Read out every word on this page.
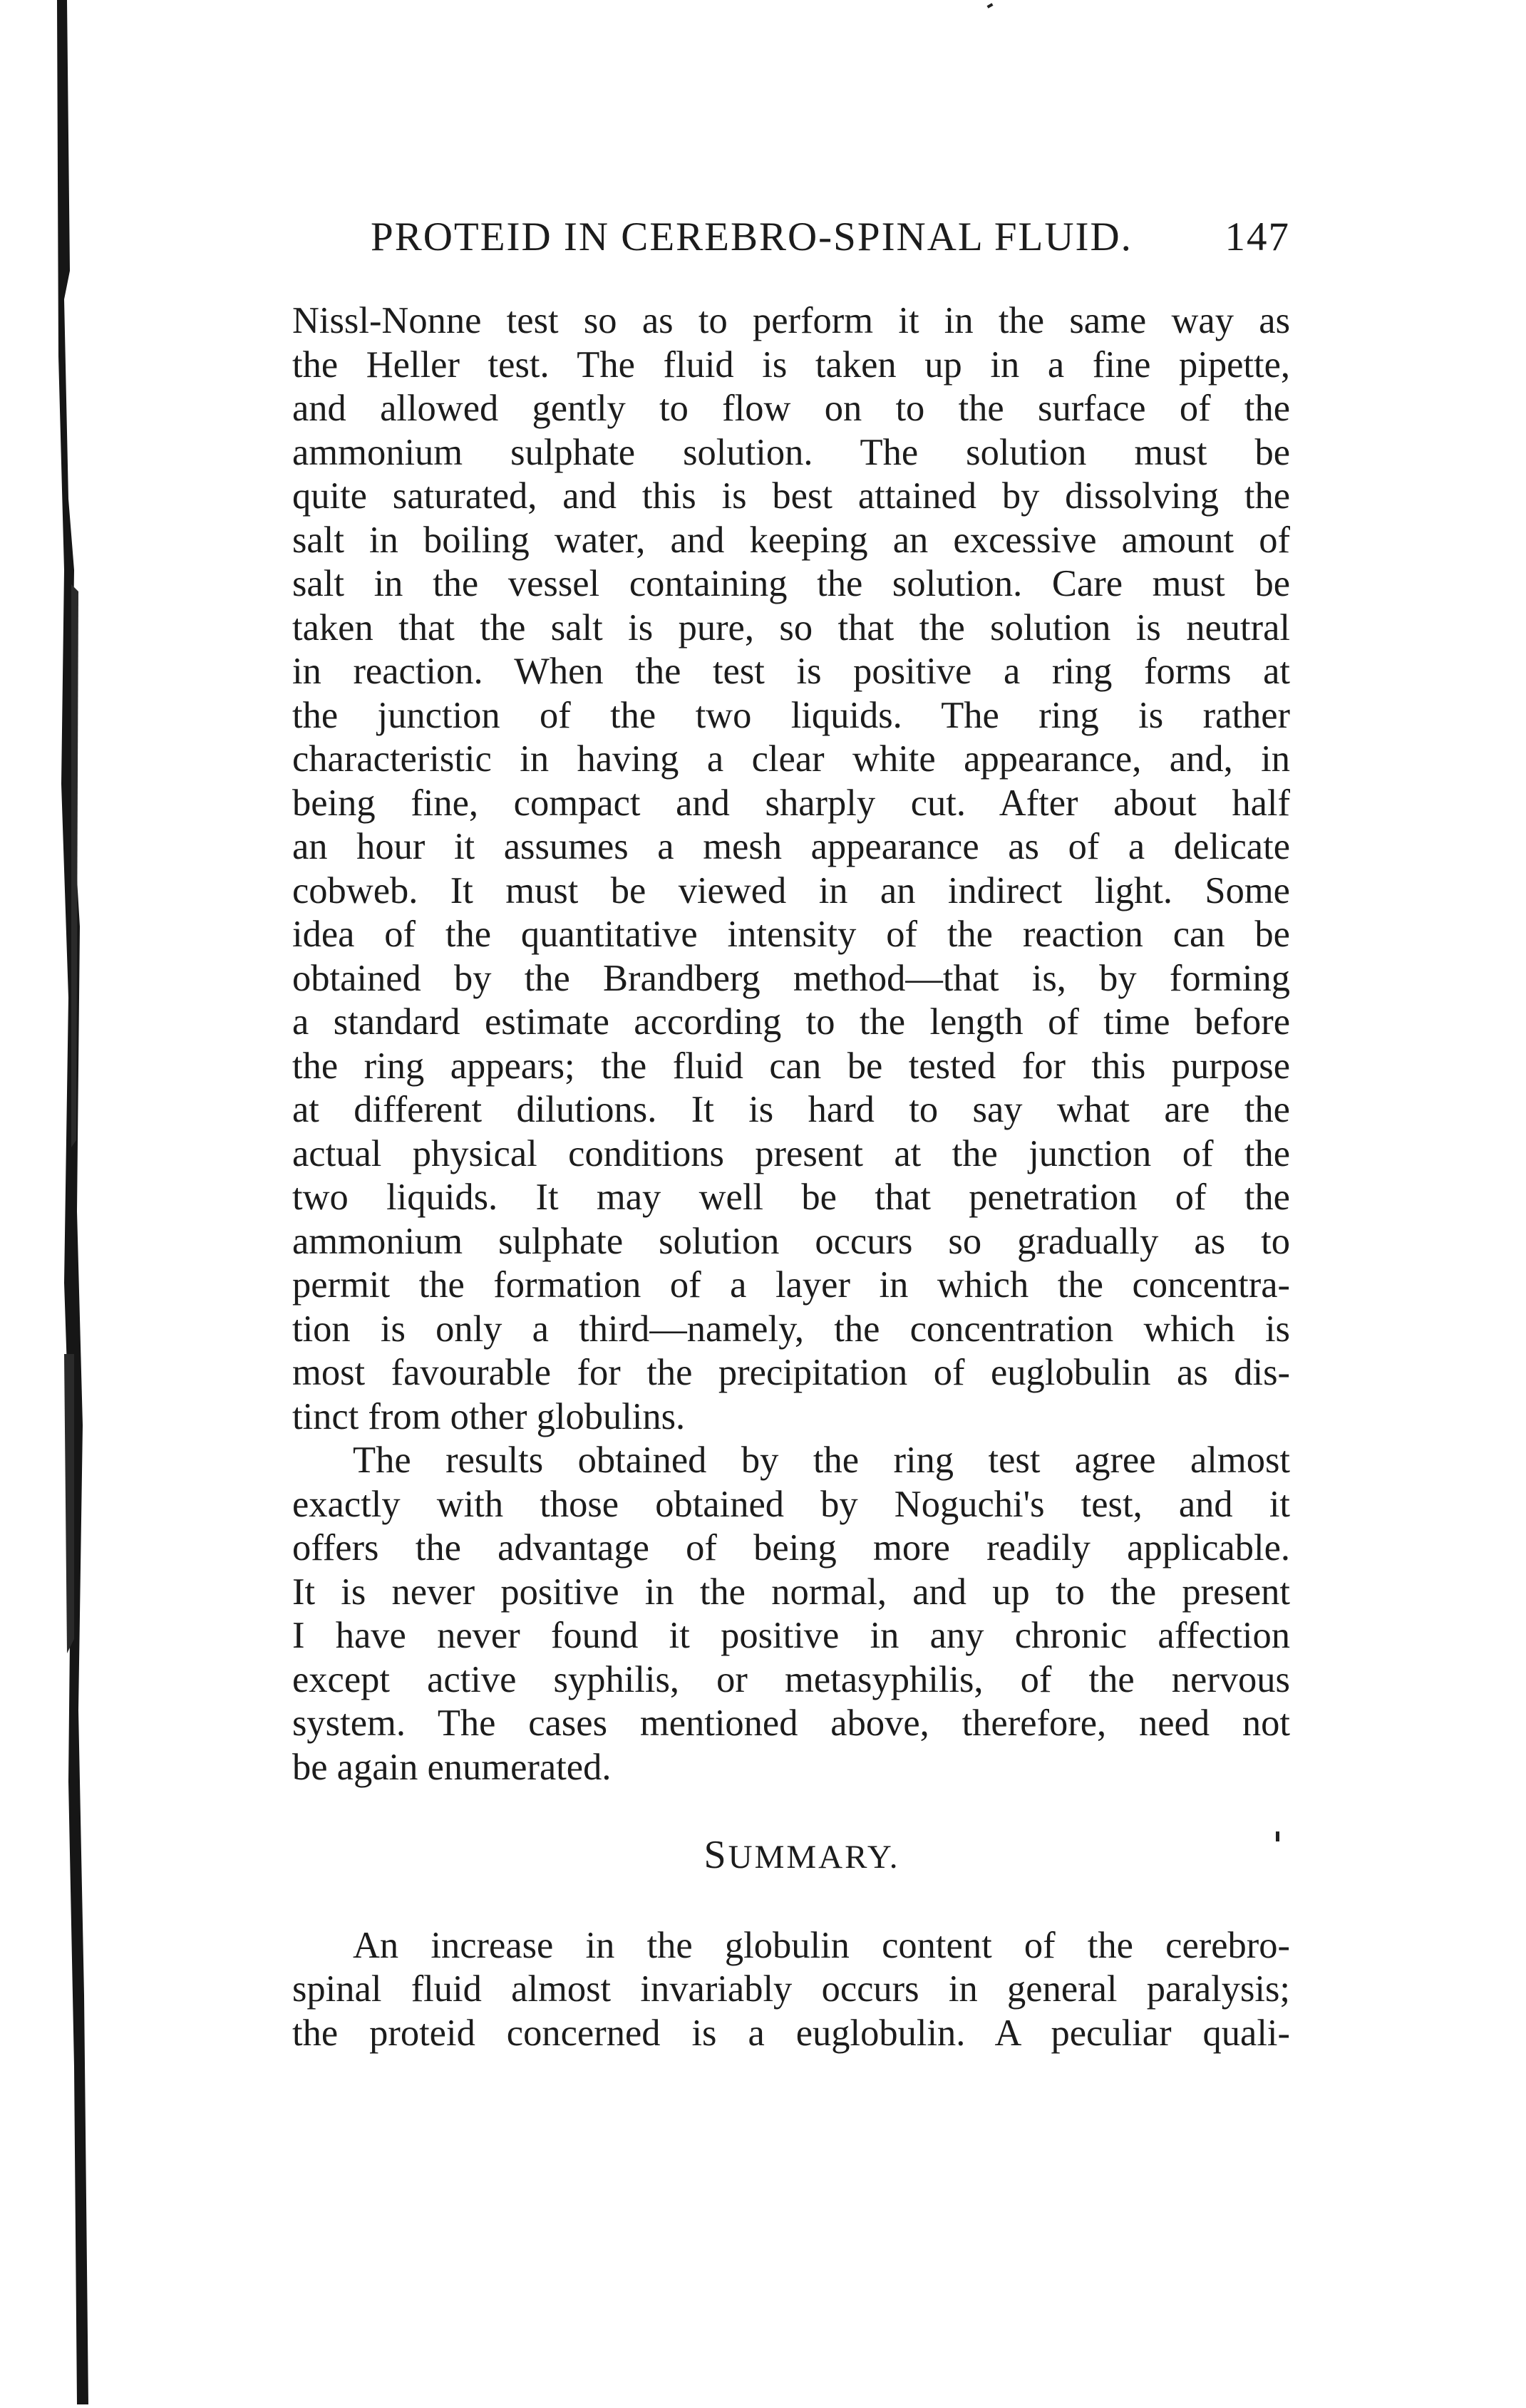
PROTEID IN CEREBRO-SPINAL FLUID. 147
Nissl-Nonne test so as to perform it in the same way as
the Heller test. The fluid is taken up in a fine pipette,
and allowed gently to flow on to the surface of the
ammonium sulphate solution. The solution must be
quite saturated, and this is best attained by dissolving the
salt in boiling water, and keeping an excessive amount of
salt in the vessel containing the solution. Care must be
taken that the salt is pure, so that the solution is neutral
in reaction. When the test is positive a ring forms at
the junction of the two liquids. The ring is rather
characteristic in having a clear white appearance, and, in
being fine, compact and sharply cut. After about half
an hour it assumes a mesh appearance as of a delicate
cobweb. It must be viewed in an indirect light. Some
idea of the quantitative intensity of the reaction can be
obtained by the Brandberg method—that is, by forming
a standard estimate according to the length of time before
the ring appears; the fluid can be tested for this purpose
at different dilutions. It is hard to say what are the
actual physical conditions present at the junction of the
two liquids. It may well be that penetration of the
ammonium sulphate solution occurs so gradually as to
permit the formation of a layer in which the concentra-
tion is only a third—namely, the concentration which is
most favourable for the precipitation of euglobulin as dis-
tinct from other globulins.
The results obtained by the ring test agree almost
exactly with those obtained by Noguchi's test, and it
offers the advantage of being more readily applicable.
It is never positive in the normal, and up to the present
I have never found it positive in any chronic affection
except active syphilis, or metasyphilis, of the nervous
system. The cases mentioned above, therefore, need not
be again enumerated.
SUMMARY.
An increase in the globulin content of the cerebro-
spinal fluid almost invariably occurs in general paralysis;
the proteid concerned is a euglobulin. A peculiar quali-
